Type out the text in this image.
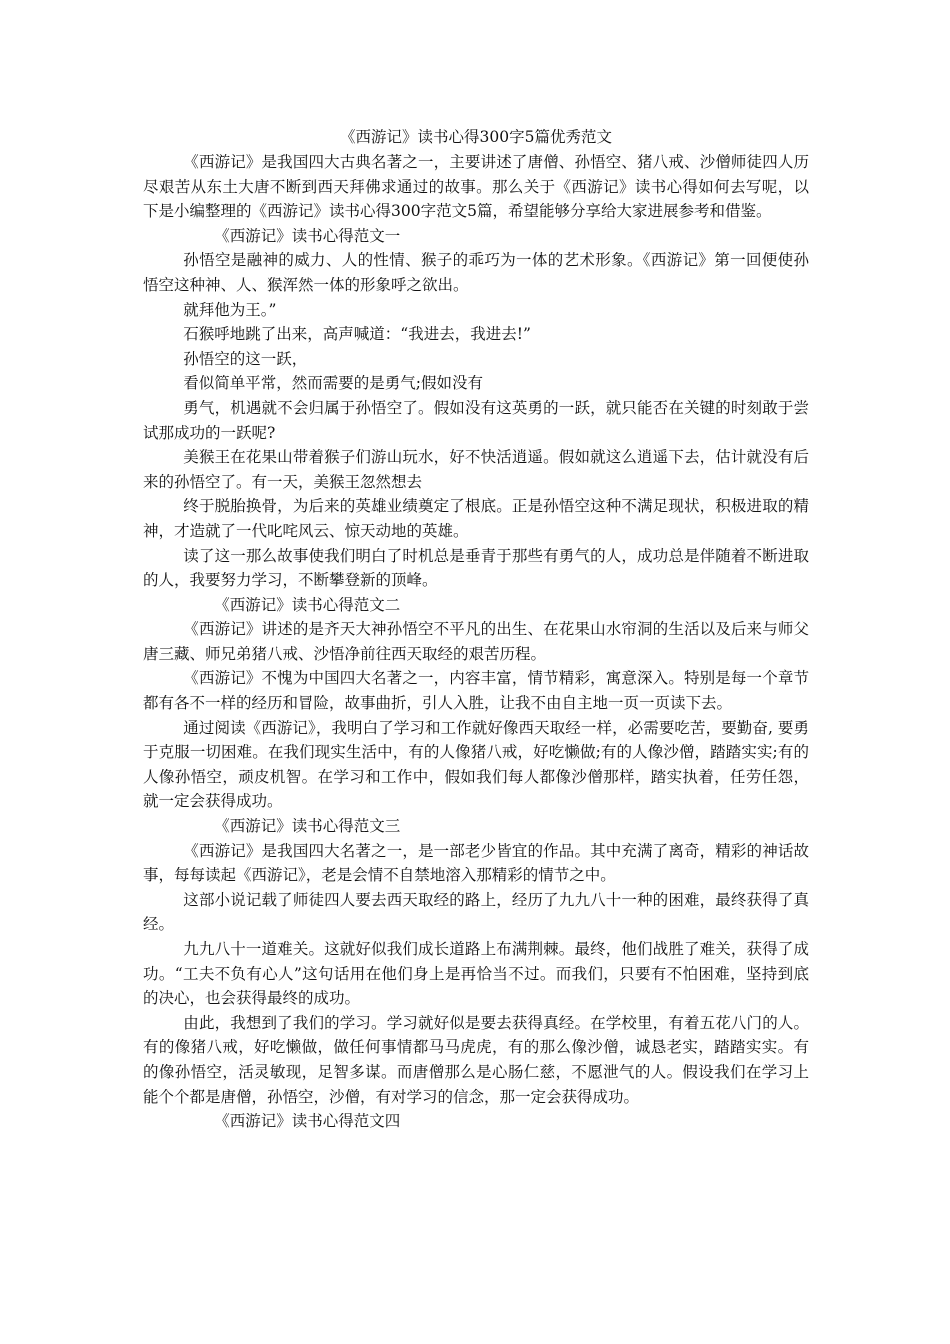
《西游记》读书心得300字5篇优秀范文

《西游记》是我国四大古典名著之一，主要讲述了唐僧、孙悟空、猪八戒、沙僧师徒四人历尽艰苦从东土大唐不断到西天拜佛求通过的故事。那么关于《西游记》读书心得如何去写呢，以下是小编整理的《西游记》读书心得300字范文5篇，希望能够分享给大家进展参考和借鉴。

《西游记》读书心得范文一

孙悟空是融神的威力、人的性情、猴子的乖巧为一体的艺术形象。《西游记》第一回便使孙悟空这种神、人、猴浑然一体的形象呼之欲出。

就拜他为王。”

石猴呼地跳了出来，高声喊道：“我进去，我进去!”

孙悟空的这一跃，

看似简单平常，然而需要的是勇气;假如没有

勇气，机遇就不会归属于孙悟空了。假如没有这英勇的一跃，就只能否在关键的时刻敢于尝试那成功的一跃呢?

美猴王在花果山带着猴子们游山玩水，好不快活逍遥。假如就这么逍遥下去，估计就没有后来的孙悟空了。有一天，美猴王忽然想去

终于脱胎换骨，为后来的英雄业绩奠定了根底。正是孙悟空这种不满足现状，积极进取的精神，才造就了一代叱咤风云、惊天动地的英雄。

读了这一那么故事使我们明白了时机总是垂青于那些有勇气的人，成功总是伴随着不断进取的人，我要努力学习，不断攀登新的顶峰。

《西游记》读书心得范文二

《西游记》讲述的是齐天大神孙悟空不平凡的出生、在花果山水帘洞的生活以及后来与师父唐三藏、师兄弟猪八戒、沙悟净前往西天取经的艰苦历程。

《西游记》不愧为中国四大名著之一，内容丰富，情节精彩，寓意深入。特别是每一个章节都有各不一样的经历和冒险，故事曲折，引人入胜，让我不由自主地一页一页读下去。

通过阅读《西游记》，我明白了学习和工作就好像西天取经一样，必需要吃苦，要勤奋, 要勇于克服一切困难。在我们现实生活中，有的人像猪八戒，好吃懒做;有的人像沙僧，踏踏实实;有的人像孙悟空，顽皮机智。在学习和工作中，假如我们每人都像沙僧那样，踏实执着，任劳任怨，就一定会获得成功。

《西游记》读书心得范文三

《西游记》是我国四大名著之一，是一部老少皆宜的作品。其中充满了离奇，精彩的神话故事，每每读起《西游记》，老是会情不自禁地溶入那精彩的情节之中。

这部小说记载了师徒四人要去西天取经的路上，经历了九九八十一种的困难，最终获得了真经。

九九八十一道难关。这就好似我们成长道路上布满荆棘。最终，他们战胜了难关，获得了成功。“工夫不负有心人”这句话用在他们身上是再恰当不过。而我们，只要有不怕困难，坚持到底的决心，也会获得最终的成功。

由此，我想到了我们的学习。学习就好似是要去获得真经。在学校里，有着五花八门的人。有的像猪八戒，好吃懒做，做任何事情都马马虎虎，有的那么像沙僧，诚恳老实，踏踏实实。有的像孙悟空，活灵敏现，足智多谋。而唐僧那么是心肠仁慈，不愿泄气的人。假设我们在学习上能个个都是唐僧，孙悟空，沙僧，有对学习的信念，那一定会获得成功。

《西游记》读书心得范文四
